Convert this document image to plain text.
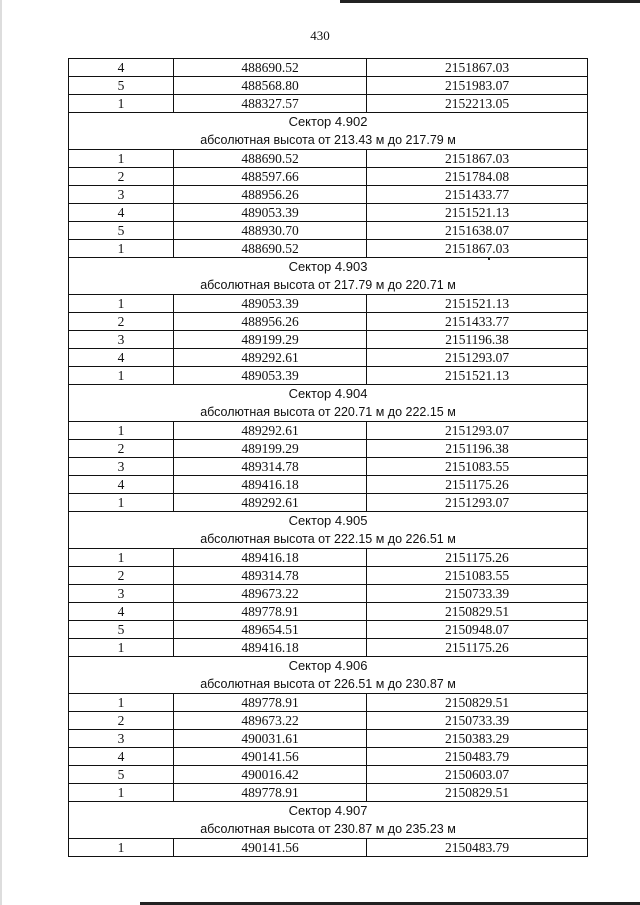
430
4	488690.52	2151867.03
5	488568.80	2151983.07
1	488327.57	2152213.05
Сектор 4.902		
абсолютная высота от 213.43 м до 217.79 м		
1	488690.52	2151867.03
2	488597.66	2151784.08
3	488956.26	2151433.77
4	489053.39	2151521.13
5	488930.70	2151638.07
1	488690.52	2151867.03
Сектор 4.903		
абсолютная высота от 217.79 м до 220.71 м		
1	489053.39	2151521.13
2	488956.26	2151433.77
3	489199.29	2151196.38
4	489292.61	2151293.07
1	489053.39	2151521.13
Сектор 4.904		
абсолютная высота от 220.71 м до 222.15 м		
1	489292.61	2151293.07
2	489199.29	2151196.38
3	489314.78	2151083.55
4	489416.18	2151175.26
1	489292.61	2151293.07
Сектор 4.905		
абсолютная высота от 222.15 м до 226.51 м		
1	489416.18	2151175.26
2	489314.78	2151083.55
3	489673.22	2150733.39
4	489778.91	2150829.51
5	489654.51	2150948.07
1	489416.18	2151175.26
Сектор 4.906		
абсолютная высота от 226.51 м до 230.87 м		
1	489778.91	2150829.51
2	489673.22	2150733.39
3	490031.61	2150383.29
4	490141.56	2150483.79
5	490016.42	2150603.07
1	489778.91	2150829.51
Сектор 4.907		
абсолютная высота от 230.87 м до 235.23 м		
1	490141.56	2150483.79
